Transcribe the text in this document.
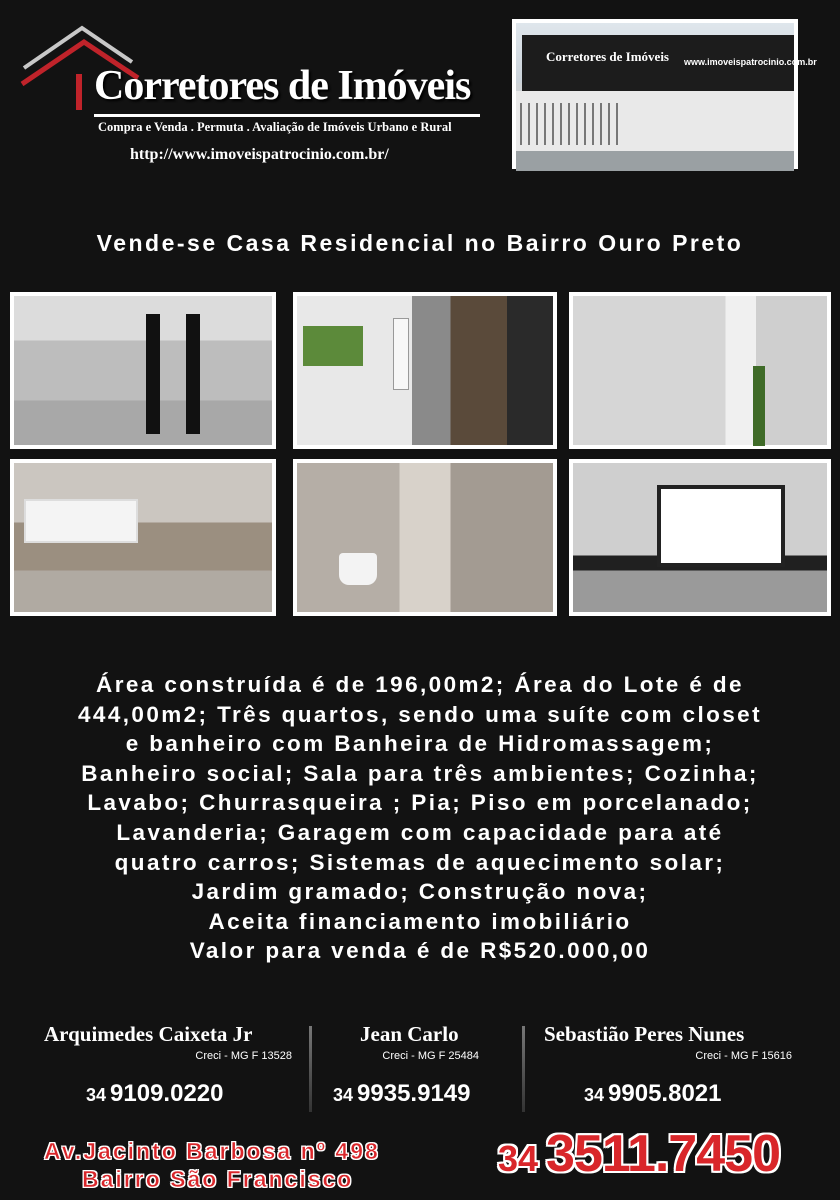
Corretores de Imóveis
Compra e Venda . Permuta . Avaliação de Imóveis Urbano e Rural
http://www.imoveispatrocinio.com.br/
Corretores de Imóveis www.imoveispatrocinio.com.br
Vende-se Casa Residencial no Bairro Ouro Preto
Área construída é de 196,00m2; Área do Lote é de
444,00m2; Três quartos, sendo uma suíte com closet
e banheiro com Banheira de Hidromassagem;
Banheiro social; Sala para três ambientes; Cozinha;
Lavabo; Churrasqueira ; Pia; Piso em porcelanado;
Lavanderia; Garagem com capacidade para até
quatro carros; Sistemas de aquecimento solar;
Jardim gramado; Construção nova;
Aceita financiamento imobiliário
Valor para venda é de R$520.000,00
Arquimedes Caixeta Jr
Creci - MG F 13528
34 9109.0220
Jean Carlo
Creci - MG F 25484
34 9935.9149
Sebastião Peres Nunes
Creci - MG F 15616
34 9905.8021
Av.Jacinto Barbosa nº 498
Bairro São Francisco	34 3511.7450
